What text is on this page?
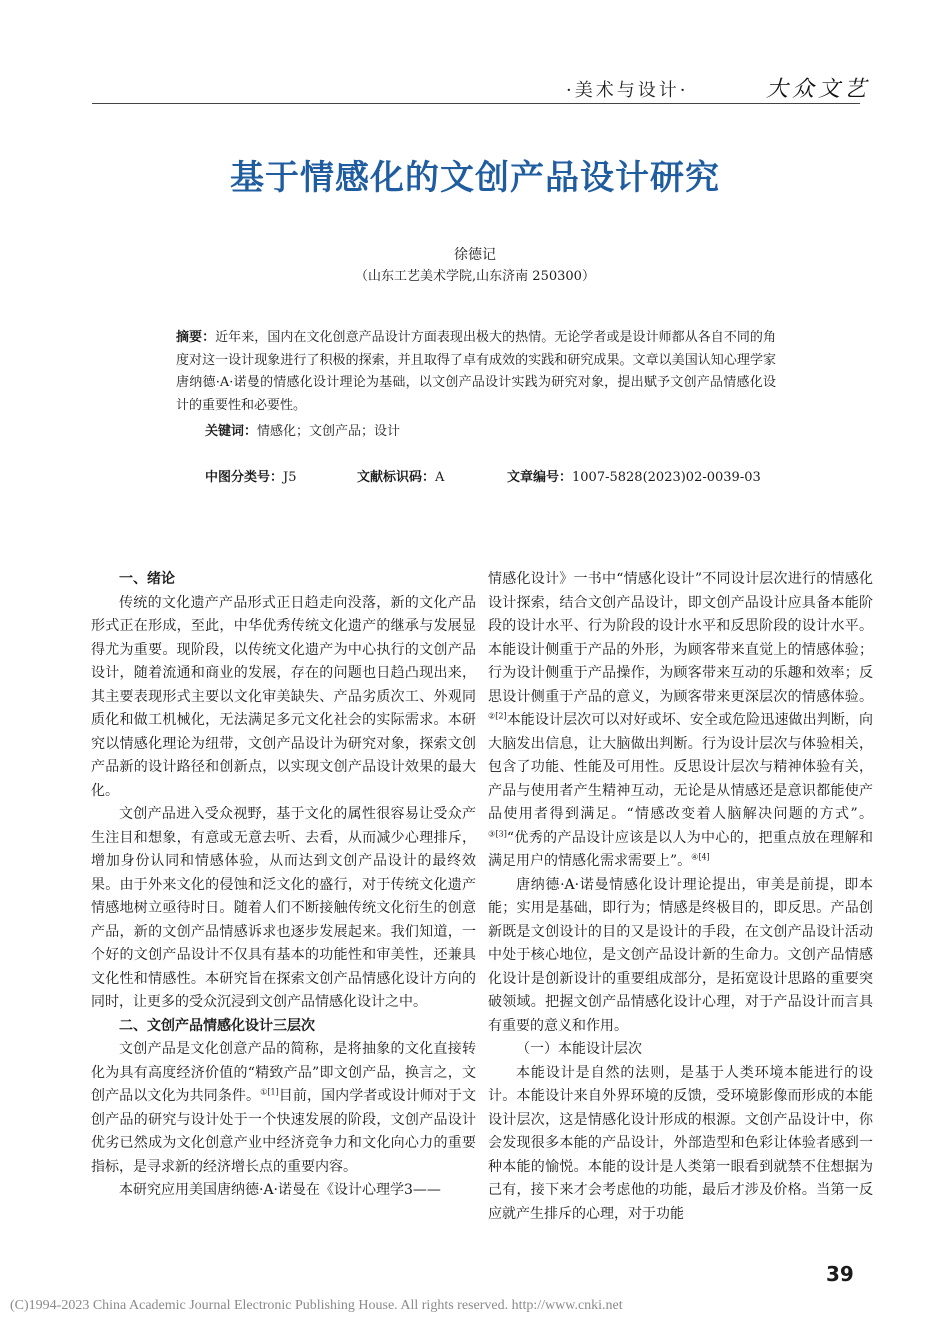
·美术与设计·	大众文艺
基于情感化的文创产品设计研究
徐德记
（山东工艺美术学院,山东济南 250300）
摘要：近年来，国内在文化创意产品设计方面表现出极大的热情。无论学者或是设计师都从各自不同的角度对这一设计现象进行了积极的探索，并且取得了卓有成效的实践和研究成果。文章以美国认知心理学家唐纳德·A·诺曼的情感化设计理论为基础，以文创产品设计实践为研究对象，提出赋予文创产品情感化设计的重要性和必要性。
关键词：情感化；文创产品；设计
中图分类号：J5	文献标识码：A	文章编号：1007-5828(2023)02-0039-03
一、绪论

传统的文化遗产产品形式正日趋走向没落，新的文化产品形式正在形成，至此，中华优秀传统文化遗产的继承与发展显得尤为重要。现阶段，以传统文化遗产为中心执行的文创产品设计，随着流通和商业的发展，存在的问题也日趋凸现出来，其主要表现形式主要以文化审美缺失、产品劣质次工、外观同质化和做工机械化，无法满足多元文化社会的实际需求。本研究以情感化理论为纽带，文创产品设计为研究对象，探索文创产品新的设计路径和创新点，以实现文创产品设计效果的最大化。

文创产品进入受众视野，基于文化的属性很容易让受众产生注目和想象，有意或无意去听、去看，从而减少心理排斥，增加身份认同和情感体验，从而达到文创产品设计的最终效果。由于外来文化的侵蚀和泛文化的盛行，对于传统文化遗产情感地树立亟待时日。随着人们不断接触传统文化衍生的创意产品，新的文创产品情感诉求也逐步发展起来。我们知道，一个好的文创产品设计不仅具有基本的功能性和审美性，还兼具文化性和情感性。本研究旨在探索文创产品情感化设计方向的同时，让更多的受众沉浸到文创产品情感化设计之中。

二、文创产品情感化设计三层次

文创产品是文化创意产品的简称，是将抽象的文化直接转化为具有高度经济价值的“精致产品”即文创产品，换言之，文创产品以文化为共同条件。$^{①[1]}$目前，国内学者或设计师对于文创产品的研究与设计处于一个快速发展的阶段，文创产品设计优劣已然成为文化创意产业中经济竞争力和文化向心力的重要指标，是寻求新的经济增长点的重要内容。

本研究应用美国唐纳德·A·诺曼在《设计心理学3——

情感化设计》一书中“情感化设计”不同设计层次进行的情感化设计探索，结合文创产品设计，即文创产品设计应具备本能阶段的设计水平、行为阶段的设计水平和反思阶段的设计水平。本能设计侧重于产品的外形，为顾客带来直觉上的情感体验；行为设计侧重于产品操作，为顾客带来互动的乐趣和效率；反思设计侧重于产品的意义，为顾客带来更深层次的情感体验。$^{②[2]}$本能设计层次可以对好或坏、安全或危险迅速做出判断，向大脑发出信息，让大脑做出判断。行为设计层次与体验相关，包含了功能、性能及可用性。反思设计层次与精神体验有关，产品与使用者产生精神互动，无论是从情感还是意识都能使产品使用者得到满足。“情感改变着人脑解决问题的方式”。$^{③[3]}$“优秀的产品设计应该是以人为中心的，把重点放在理解和满足用户的情感化需求需要上”。$^{④[4]}$

唐纳德·A·诺曼情感化设计理论提出，审美是前提，即本能；实用是基础，即行为；情感是终极目的，即反思。产品创新既是文创设计的目的又是设计的手段，在文创产品设计活动中处于核心地位，是文创产品设计新的生命力。文创产品情感化设计是创新设计的重要组成部分，是拓宽设计思路的重要突破领域。把握文创产品情感化设计心理，对于产品设计而言具有重要的意义和作用。

（一）本能设计层次

本能设计是自然的法则，是基于人类环境本能进行的设计。本能设计来自外界环境的反馈，受环境影像而形成的本能设计层次，这是情感化设计形成的根源。文创产品设计中，你会发现很多本能的产品设计，外部造型和色彩让体验者感到一种本能的愉悦。本能的设计是人类第一眼看到就禁不住想据为己有，接下来才会考虑他的功能，最后才涉及价格。当第一反应就产生排斥的心理，对于功能

39
(C)1994-2023 China Academic Journal Electronic Publishing House. All rights reserved. http://www.cnki.net
